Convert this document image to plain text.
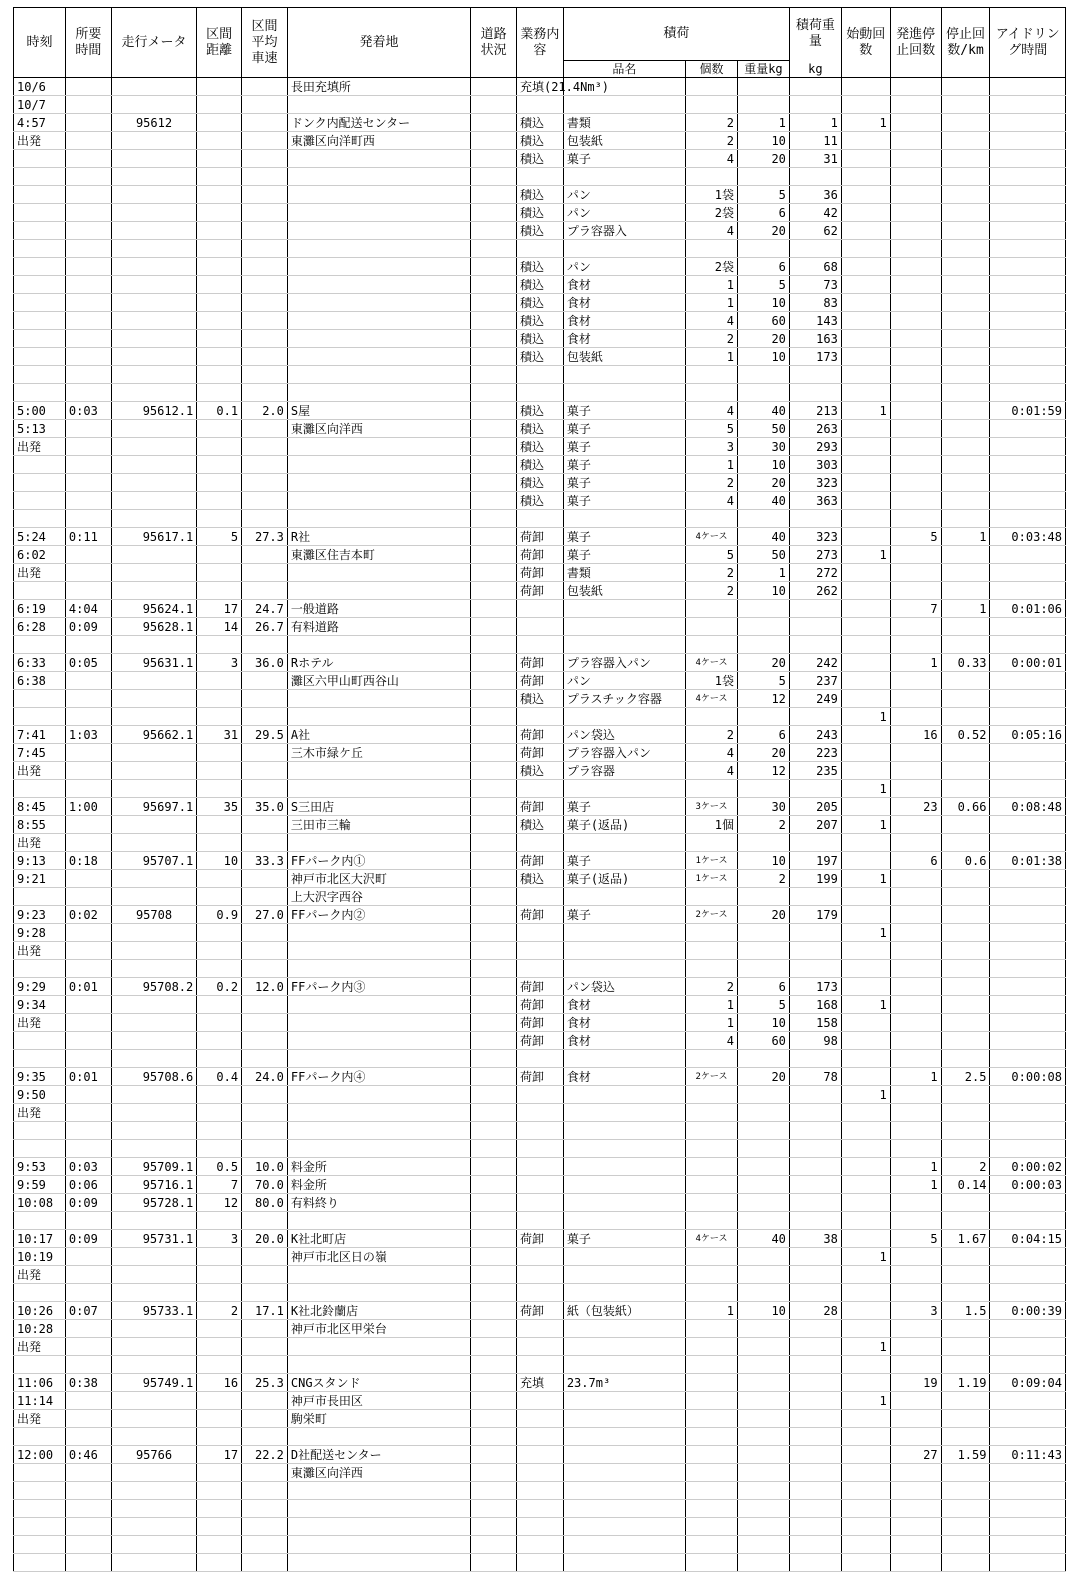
時刻	所要時間	走行メータ	区間距離	区間平均車速	発着地	道路状況	業務内容	積荷			積荷重量	始動回数	発進停止回数	停止回数/km	アイドリング時間
								品名	個数	重量kg	kg				
10/6					長田充填所		充填(21.4Nm³)								
10/7															
4:57		95612			ドンク内配送センター		積込	書類	2	1	1	1			
出発					東灘区向洋町西		積込	包装紙	2	10	11				
							積込	菓子	4	20	31				

							積込	パン	1袋	5	36				
							積込	パン	2袋	6	42				
							積込	プラ容器入	4	20	62				

							積込	パン	2袋	6	68				
							積込	食材	1	5	73				
							積込	食材	1	10	83				
							積込	食材	4	60	143				
							積込	食材	2	20	163				
							積込	包装紙	1	10	173				

5:00	0:03	95612.1	0.1	2.0	S屋		積込	菓子	4	40	213	1			0:01:59
5:13					東灘区向洋西		積込	菓子	5	50	263				
出発							積込	菓子	3	30	293				
							積込	菓子	1	10	303				
							積込	菓子	2	20	323				
							積込	菓子	4	40	363				

5:24	0:11	95617.1	5	27.3	R社		荷卸	菓子	4ケース	40	323		5	1	0:03:48
6:02					東灘区住吉本町		荷卸	菓子	5	50	273	1			
出発							荷卸	書類	2	1	272				
							荷卸	包装紙	2	10	262				
6:19	4:04	95624.1	17	24.7	一般道路								7	1	0:01:06
6:28	0:09	95628.1	14	26.7	有料道路										

6:33	0:05	95631.1	3	36.0	Rホテル		荷卸	プラ容器入パン	4ケース	20	242		1	0.33	0:00:01
6:38					灘区六甲山町西谷山		荷卸	パン	1袋	5	237				
							積込	プラスチック容器	4ケース	12	249				
												1			
7:41	1:03	95662.1	31	29.5	A社		荷卸	パン袋込	2	6	243		16	0.52	0:05:16
7:45					三木市緑ケ丘		荷卸	プラ容器入パン	4	20	223				
出発							積込	プラ容器	4	12	235				
												1			
8:45	1:00	95697.1	35	35.0	S三田店		荷卸	菓子	3ケース	30	205		23	0.66	0:08:48
8:55					三田市三輪		積込	菓子(返品)	1個	2	207	1			
出発															
9:13	0:18	95707.1	10	33.3	FFパーク内①		荷卸	菓子	1ケース	10	197		6	0.6	0:01:38
9:21					神戸市北区大沢町		積込	菓子(返品)	1ケース	2	199	1			
					上大沢字西谷										
9:23	0:02	95708	0.9	27.0	FFパーク内②		荷卸	菓子	2ケース	20	179				
9:28												1			
出発															

9:29	0:01	95708.2	0.2	12.0	FFパーク内③		荷卸	パン袋込	2	6	173				
9:34							荷卸	食材	1	5	168	1			
出発							荷卸	食材	1	10	158				
							荷卸	食材	4	60	98				

9:35	0:01	95708.6	0.4	24.0	FFパーク内④		荷卸	食材	2ケース	20	78		1	2.5	0:00:08
9:50												1			
出発															

9:53	0:03	95709.1	0.5	10.0	料金所								1	2	0:00:02
9:59	0:06	95716.1	7	70.0	料金所								1	0.14	0:00:03
10:08	0:09	95728.1	12	80.0	有料終り										

10:17	0:09	95731.1	3	20.0	K社北町店		荷卸	菓子	4ケース	40	38		5	1.67	0:04:15
10:19					神戸市北区日の嶺							1			
出発															

10:26	0:07	95733.1	2	17.1	K社北鈴蘭店		荷卸	紙（包装紙）	1	10	28		3	1.5	0:00:39
10:28					神戸市北区甲栄台										
出発												1			

11:06	0:38	95749.1	16	25.3	CNGスタンド		充填	23.7m³					19	1.19	0:09:04
11:14					神戸市長田区							1			
出発					駒栄町										

12:00	0:46	95766	17	22.2	D社配送センター								27	1.59	0:11:43
					東灘区向洋西										
